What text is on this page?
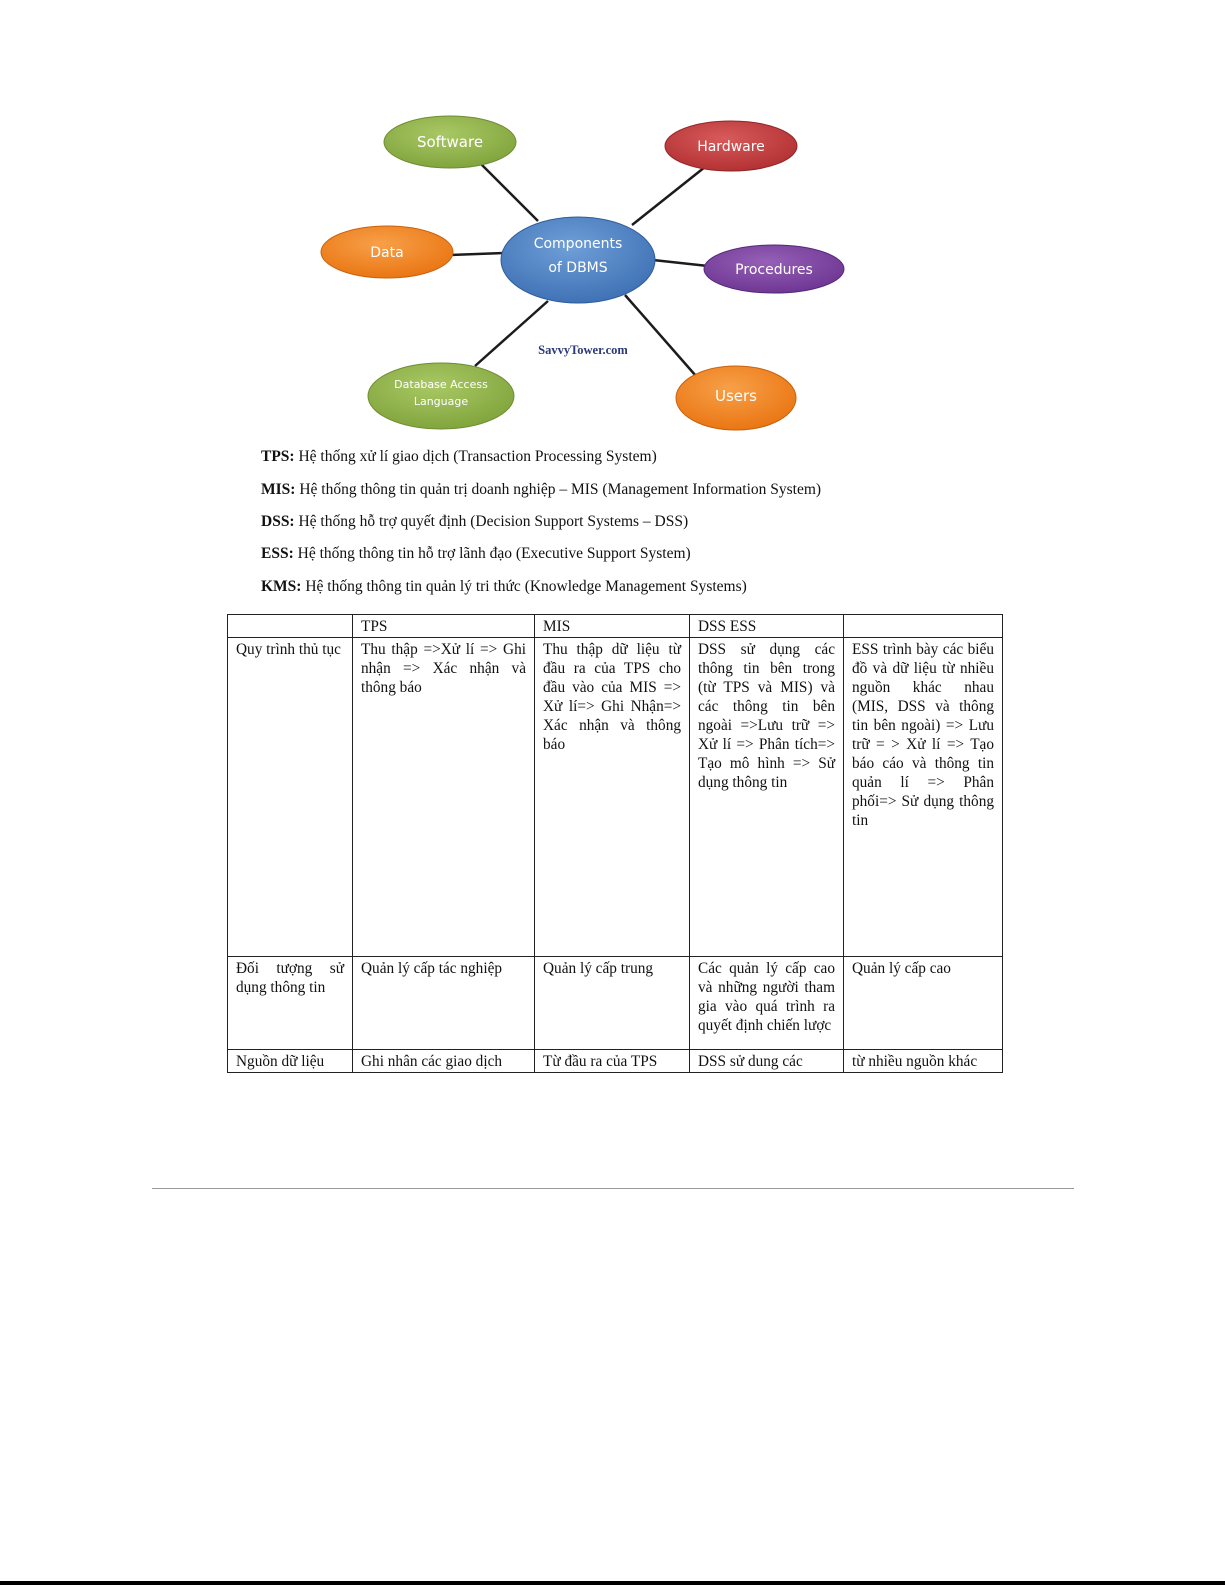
Software	Hardware
Data
Procedures
Database Access
Language	Users
Components
of DBMS
SavvyTower.com
TPS: Hệ thống xử lí giao dịch (Transaction Processing System)
MIS: Hệ thống thông tin quản trị doanh nghiệp – MIS (Management Information System)
DSS: Hệ thống hỗ trợ quyết định (Decision Support Systems – DSS)
ESS: Hệ thống thông tin hỗ trợ lãnh đạo (Executive Support System)
KMS: Hệ thống thông tin quản lý tri thức (Knowledge Management Systems)
	TPS	MIS	DSS ESS	
Quy trình thủ tục	Thu thập =>Xử lí => Ghi nhận => Xác nhận và thông báo	Thu thập dữ liệu từ đầu ra của TPS cho đầu vào của MIS => Xử lí=> Ghi Nhận=> Xác nhận và thông báo	DSS sử dụng các thông tin bên trong (từ TPS và MIS) và các thông tin bên ngoài =>Lưu trữ => Xử lí => Phân tích=> Tạo mô hình => Sử dụng thông tin	ESS trình bày các biểu đồ và dữ liệu từ nhiều nguồn khác nhau (MIS, DSS và thông tin bên ngoài) => Lưu trữ = > Xử lí => Tạo báo cáo và thông tin quản lí => Phân phối=> Sử dụng thông tin
Đối tượng sử dụng thông tin	Quản lý cấp tác nghiệp	Quản lý cấp trung	Các quản lý cấp cao và những người tham gia vào quá trình ra quyết định chiến lược	Quản lý cấp cao

Nguồn dữ liệu	Ghi nhân các giao dịch	Từ đầu ra của TPS	DSS sử dung các	từ nhiều nguồn khác
